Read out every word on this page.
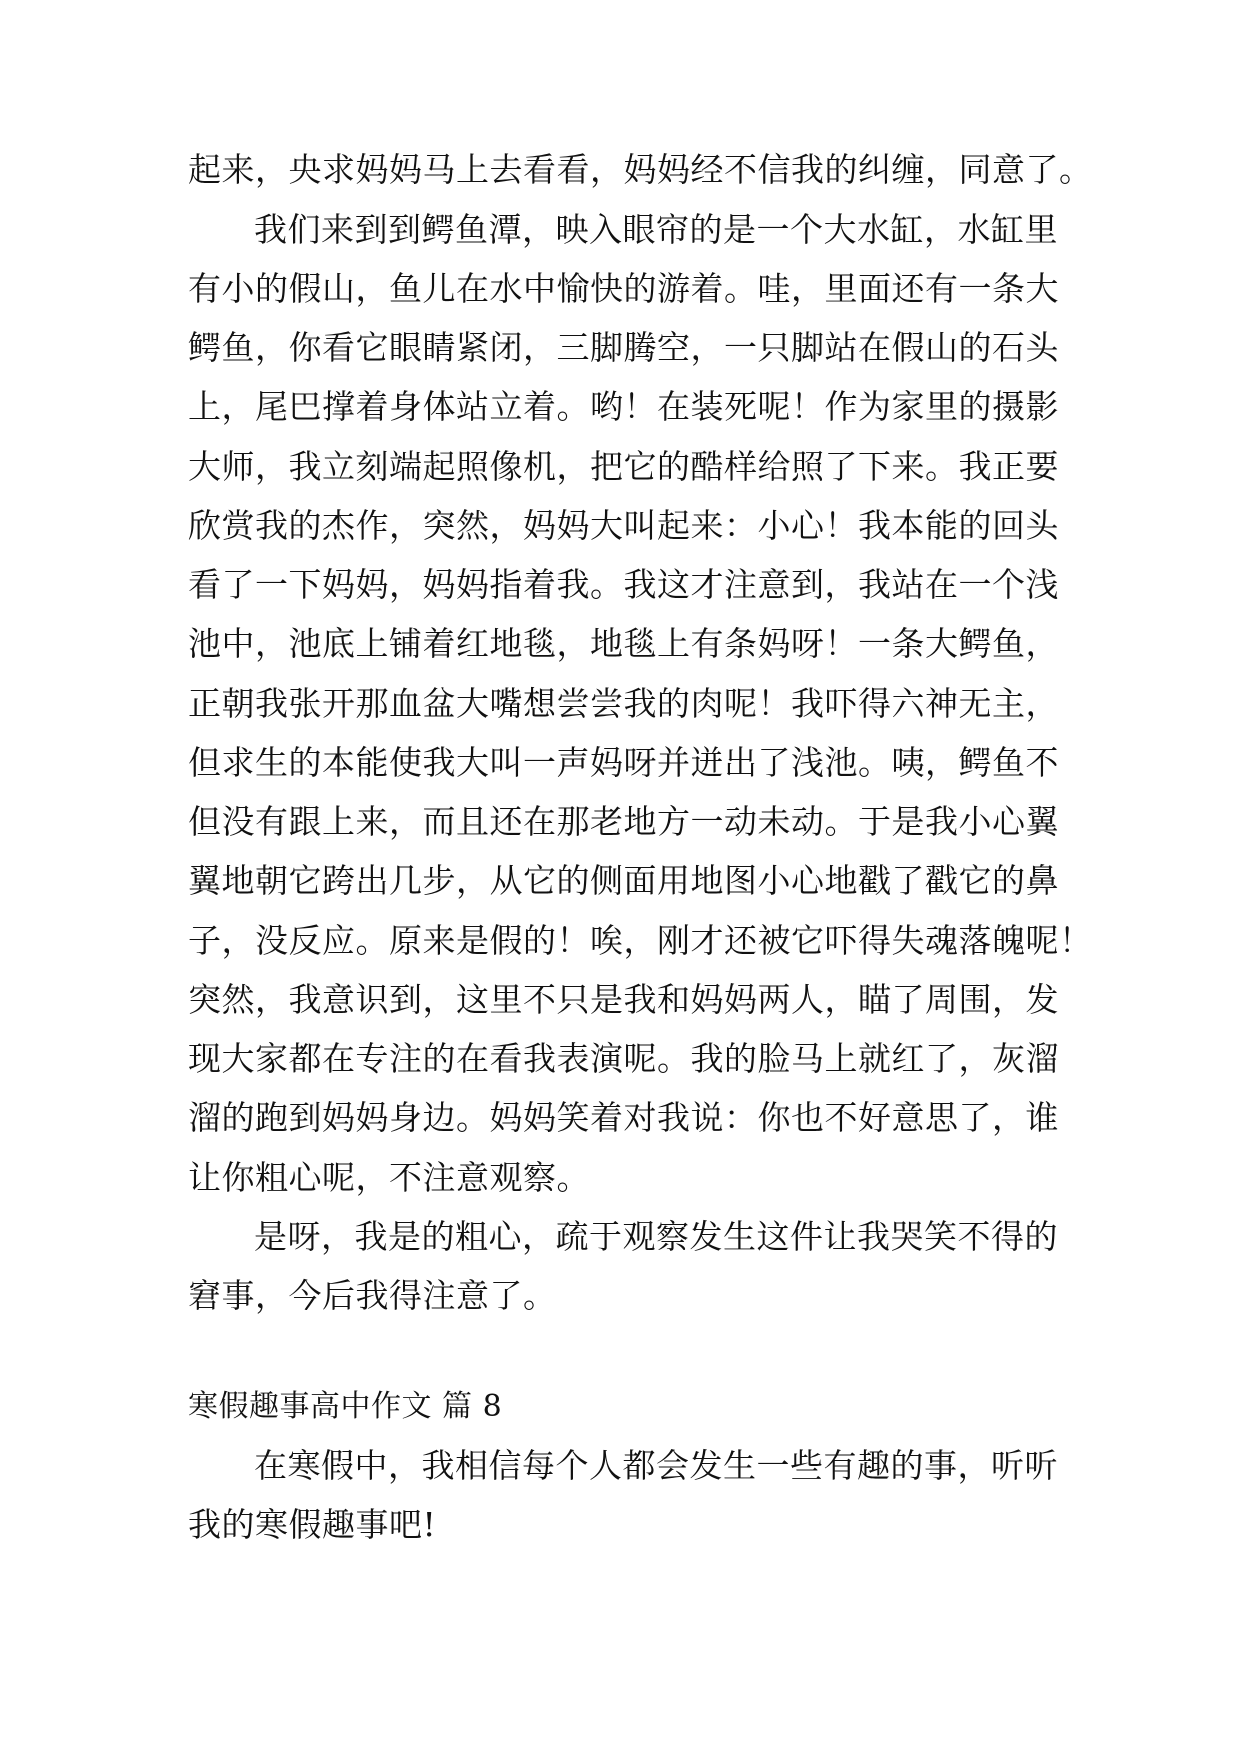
起来，央求妈妈马上去看看，妈妈经不信我的纠缠，同意了。
我们来到到鳄鱼潭，映入眼帘的是一个大水缸，水缸里
有小的假山，鱼儿在水中愉快的游着。哇，里面还有一条大
鳄鱼，你看它眼睛紧闭，三脚腾空，一只脚站在假山的石头
上，尾巴撑着身体站立着。哟！在装死呢！作为家里的摄影
大师，我立刻端起照像机，把它的酷样给照了下来。我正要
欣赏我的杰作，突然，妈妈大叫起来：小心！我本能的回头
看了一下妈妈，妈妈指着我。我这才注意到，我站在一个浅
池中，池底上铺着红地毯，地毯上有条妈呀！一条大鳄鱼，
正朝我张开那血盆大嘴想尝尝我的肉呢！我吓得六神无主，
但求生的本能使我大叫一声妈呀并迸出了浅池。咦，鳄鱼不
但没有跟上来，而且还在那老地方一动未动。于是我小心翼
翼地朝它跨出几步，从它的侧面用地图小心地戳了戳它的鼻
子，没反应。原来是假的！唉，刚才还被它吓得失魂落魄呢！
突然，我意识到，这里不只是我和妈妈两人，瞄了周围，发
现大家都在专注的在看我表演呢。我的脸马上就红了，灰溜
溜的跑到妈妈身边。妈妈笑着对我说：你也不好意思了，谁
让你粗心呢，不注意观察。
是呀，我是的粗心，疏于观察发生这件让我哭笑不得的
窘事，今后我得注意了。
寒假趣事高中作文 篇 8
在寒假中，我相信每个人都会发生一些有趣的事，听听
我的寒假趣事吧!
